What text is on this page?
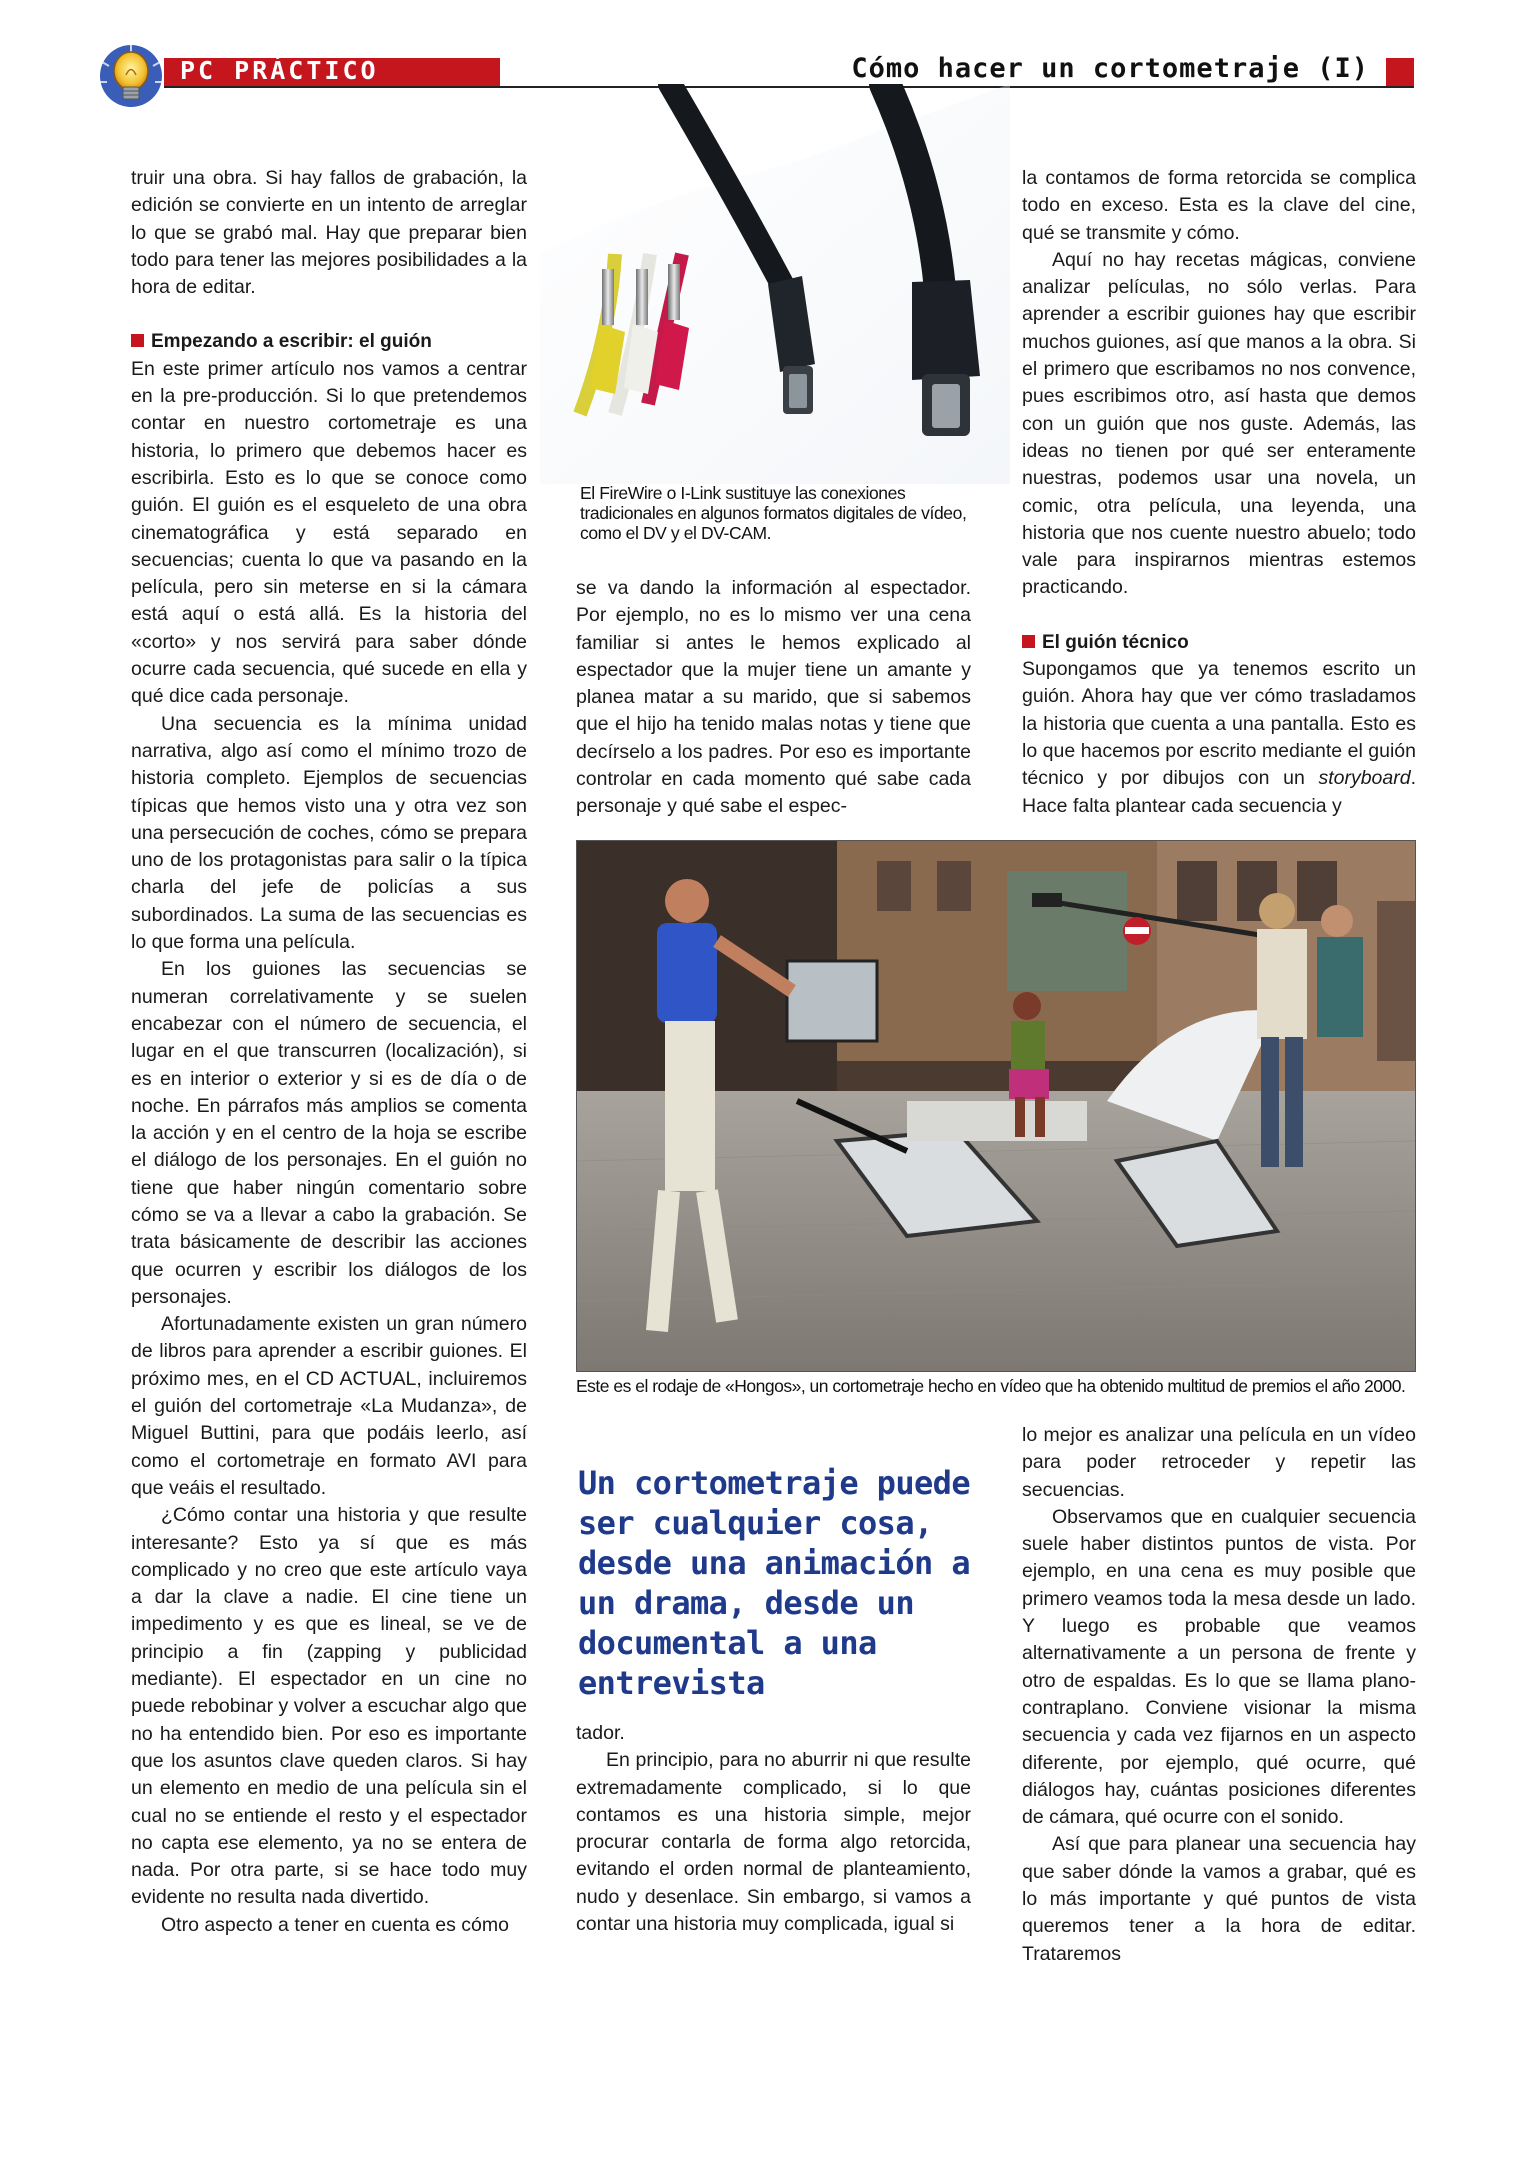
PC PRÁCTICO	Cómo hacer un cortometraje (I)

truir una obra. Si hay fallos de grabación, la edición se convierte en un intento de arreglar lo que se grabó mal. Hay que preparar bien todo para tener las mejores posibilidades a la hora de editar.

Empezando a escribir: el guión

En este primer artículo nos vamos a centrar en la pre-producción. Si lo que pretendemos contar en nuestro cortometraje es una historia, lo primero que debemos hacer es escribirla. Esto es lo que se conoce como guión. El guión es el esqueleto de una obra cinematográfica y está separado en secuencias; cuenta lo que va pasando en la película, pero sin meterse en si la cámara está aquí o está allá. Es la historia del «corto» y nos servirá para saber dónde ocurre cada secuencia, qué sucede en ella y qué dice cada personaje.

Una secuencia es la mínima unidad narrativa, algo así como el mínimo trozo de historia completo. Ejemplos de secuencias típicas que hemos visto una y otra vez son una persecución de coches, cómo se prepara uno de los protagonistas para salir o la típica charla del jefe de policías a sus subordinados. La suma de las secuencias es lo que forma una película.

En los guiones las secuencias se numeran correlativamente y se suelen encabezar con el número de secuencia, el lugar en el que transcurren (localización), si es en interior o exterior y si es de día o de noche. En párrafos más amplios se comenta la acción y en el centro de la hoja se escribe el diálogo de los personajes. En el guión no tiene que haber ningún comentario sobre cómo se va a llevar a cabo la grabación. Se trata básicamente de describir las acciones que ocurren y escribir los diálogos de los personajes.

Afortunadamente existen un gran número de libros para aprender a escribir guiones. El próximo mes, en el CD ACTUAL, incluiremos el guión del cortometraje «La Mudanza», de Miguel Buttini, para que podáis leerlo, así como el cortometraje en formato AVI para que veáis el resultado.

¿Cómo contar una historia y que resulte interesante? Esto ya sí que es más complicado y no creo que este artículo vaya a dar la clave a nadie. El cine tiene un impedimento y es que es lineal, se ve de principio a fin (zapping y publicidad mediante). El espectador en un cine no puede rebobinar y volver a escuchar algo que no ha entendido bien. Por eso es importante que los asuntos clave queden claros. Si hay un elemento en medio de una película sin el cual no se entiende el resto y el espectador no capta ese elemento, ya no se entera de nada. Por otra parte, si se hace todo muy evidente no resulta nada divertido.

Otro aspecto a tener en cuenta es cómo

El FireWire o I-Link sustituye las conexiones tradicionales en algunos formatos digitales de vídeo, como el DV y el DV-CAM.

se va dando la información al espectador. Por ejemplo, no es lo mismo ver una cena familiar si antes le hemos explicado al espectador que la mujer tiene un amante y planea matar a su marido, que si sabemos que el hijo ha tenido malas notas y tiene que decírselo a los padres. Por eso es importante controlar en cada momento qué sabe cada personaje y qué sabe el espec-

la contamos de forma retorcida se complica todo en exceso. Esta es la clave del cine, qué se transmite y cómo.

Aquí no hay recetas mágicas, conviene analizar películas, no sólo verlas. Para aprender a escribir guiones hay que escribir muchos guiones, así que manos a la obra. Si el primero que escribamos no nos convence, pues escribimos otro, así hasta que demos con un guión que nos guste. Además, las ideas no tienen por qué ser enteramente nuestras, podemos usar una novela, un comic, otra película, una leyenda, una historia que nos cuente nuestro abuelo; todo vale para inspirarnos mientras estemos practicando.

El guión técnico

Supongamos que ya tenemos escrito un guión. Ahora hay que ver cómo trasladamos la historia que cuenta a una pantalla. Esto es lo que hacemos por escrito mediante el guión técnico y por dibujos con un storyboard. Hace falta plantear cada secuencia y

Este es el rodaje de «Hongos», un cortometraje hecho en vídeo que ha obtenido multitud de premios el año 2000.
Un cortometraje puede ser cualquier cosa, desde una animación a un drama, desde un documental a una entrevista

tador.

En principio, para no aburrir ni que resulte extremadamente complicado, si lo que contamos es una historia simple, mejor procurar contarla de forma algo retorcida, evitando el orden normal de planteamiento, nudo y desenlace. Sin embargo, si vamos a contar una historia muy complicada, igual si

lo mejor es analizar una película en un vídeo para poder retroceder y repetir las secuencias.

Observamos que en cualquier secuencia suele haber distintos puntos de vista. Por ejemplo, en una cena es muy posible que primero veamos toda la mesa desde un lado. Y luego es probable que veamos alternativamente a un persona de frente y otro de espaldas. Es lo que se llama plano-contraplano. Conviene visionar la misma secuencia y cada vez fijarnos en un aspecto diferente, por ejemplo, qué ocurre, qué diálogos hay, cuántas posiciones diferentes de cámara, qué ocurre con el sonido.

Así que para planear una secuencia hay que saber dónde la vamos a grabar, qué es lo más importante y qué puntos de vista queremos tener a la hora de editar. Trataremos
